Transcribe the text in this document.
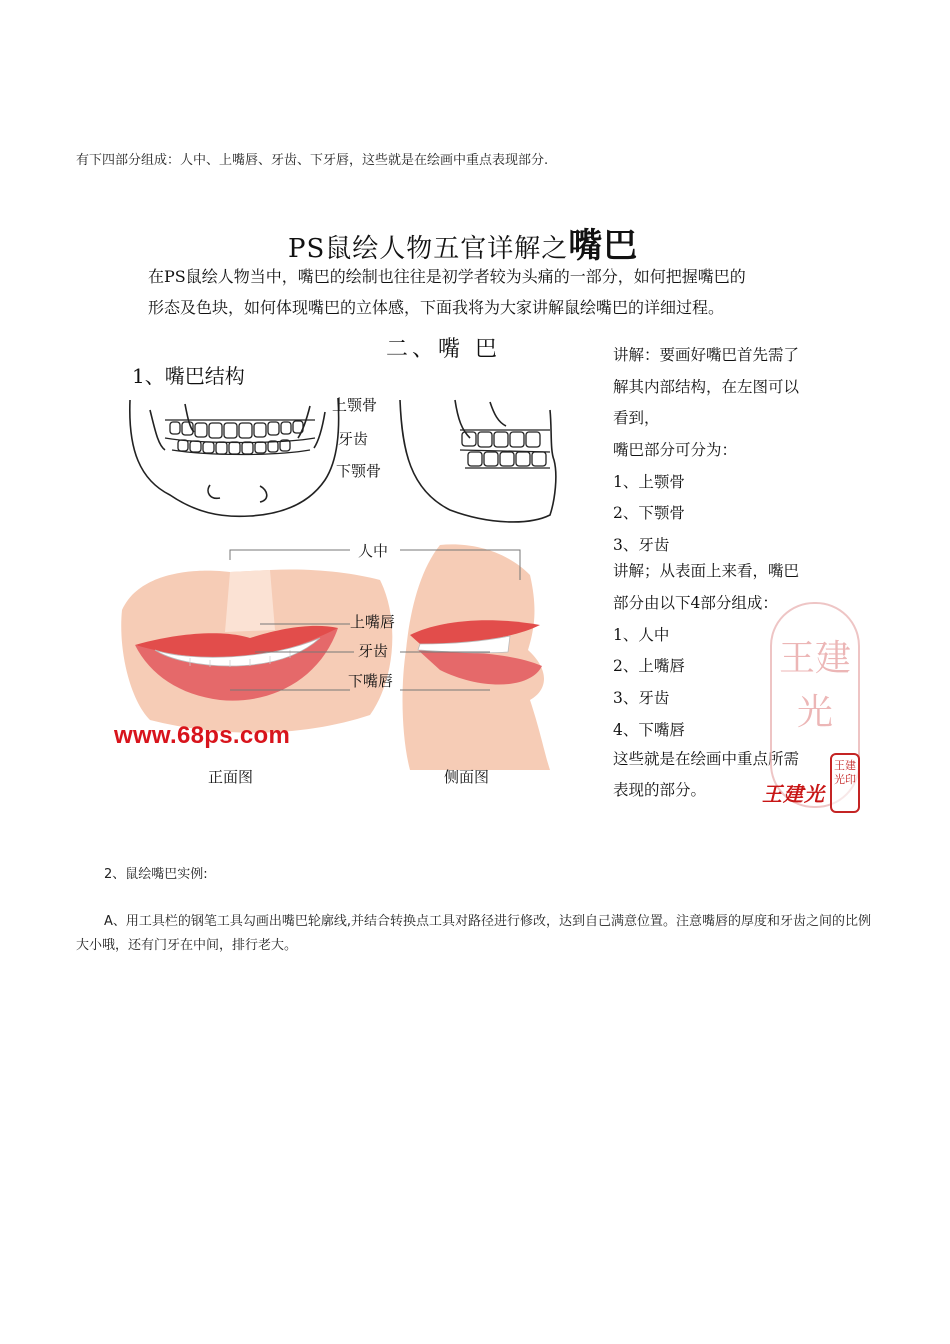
有下四部分组成：人中、上嘴唇、牙齿、下牙唇，这些就是在绘画中重点表现部分.
PS鼠绘人物五官详解之嘴巴
在PS鼠绘人物当中，嘴巴的绘制也往往是初学者较为头痛的一部分，如何把握嘴巴的
形态及色块，如何体现嘴巴的立体感，下面我将为大家讲解鼠绘嘴巴的详细过程。
二、嘴 巴
1、嘴巴结构
上颚骨
牙齿
下颚骨
人中
上嘴唇
牙齿
下嘴唇
www.68ps.com
正面图	侧面图
讲解：要画好嘴巴首先需了
解其内部结构，在左图可以
看到，
嘴巴部分可分为：
1、上颚骨
2、下颚骨
3、牙齿
讲解；从表面上来看，嘴巴
部分由以下4部分组成：
1、人中
2、上嘴唇
3、牙齿
4、下嘴唇
这些就是在绘画中重点所需
表现的部分。
王建光
王建光印
王建光
2、鼠绘嘴巴实例:
A、用工具栏的钢笔工具勾画出嘴巴轮廓线,并结合转换点工具对路径进行修改，达到自己满意位置。注意嘴唇的厚度和牙齿之间的比例大小哦，还有门牙在中间，排行老大。
